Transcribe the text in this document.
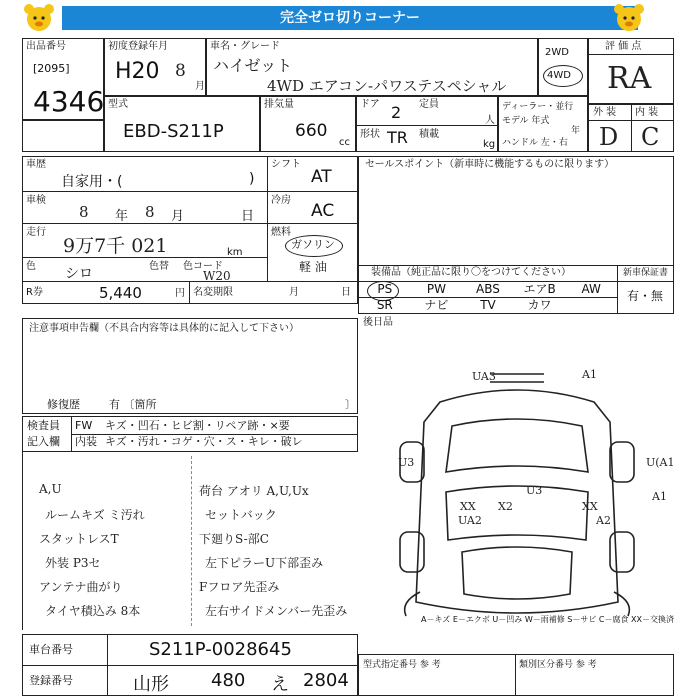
完全ゼロ切りコーナー
出品番号
[2095]
4346
初度登録年月
H20 8
月
車名・グレード
ハイゼット
4WD エアコン-パワステスペシャル
2WD
4WD
評 価 点
RA
型式
EBD-S211P
排気量
660
cc
ドア 2 定員
人
形状 TR 積載
kg
ディーラー・並行
モデル 年式
年
ハンドル 左・右
外 装 内 装
D C
車歴
自家用・(	)
車検
8 年 8 月	日
走行
9万7千 021	km
色 シロ	色替 色コード
W20
シフト
AT
冷房
AC
燃料
ガソリン
軽 油
R券	5,440	円 名変期限	月	日
セールスポイント（新車時に機能するものに限ります）
装備品（純正品に限り〇をつけてください）	新車保証書
有・無
PS	PW	ABS	エアB	AW
SR	ナビ	TV	カワ
後日品
注意事項申告欄（不具合内容等は具体的に記入して下さい）
修復歴	有 〔箇所	〕
検査員
記入欄
FW キズ・凹石・ヒビ割・リペア跡・×要
内装 キズ・汚れ・コゲ・穴・ス・キレ・破レ
A,U
ルームキズ ミ汚れ
スタットレスT
外装 P3セ
アンテナ曲がり
タイヤ積込み 8本
荷台 アオリ A,U,Ux
セットバック
下廻りS-部C
左下ピラーU下部歪み
Fフロア先歪み
左右サイドメンバー先歪み
UA3	A1
U3	U(A1
A1
XX X2
U3
XX
UA2	A2
A－キズ E－エクボ U－凹み W－雨補修 S－サビ C－腐食 XX－交換済
車台番号	S211P-0028645
登録番号	山形 480 え 2804
型式指定番号 参 考	類別区分番号 参 考
